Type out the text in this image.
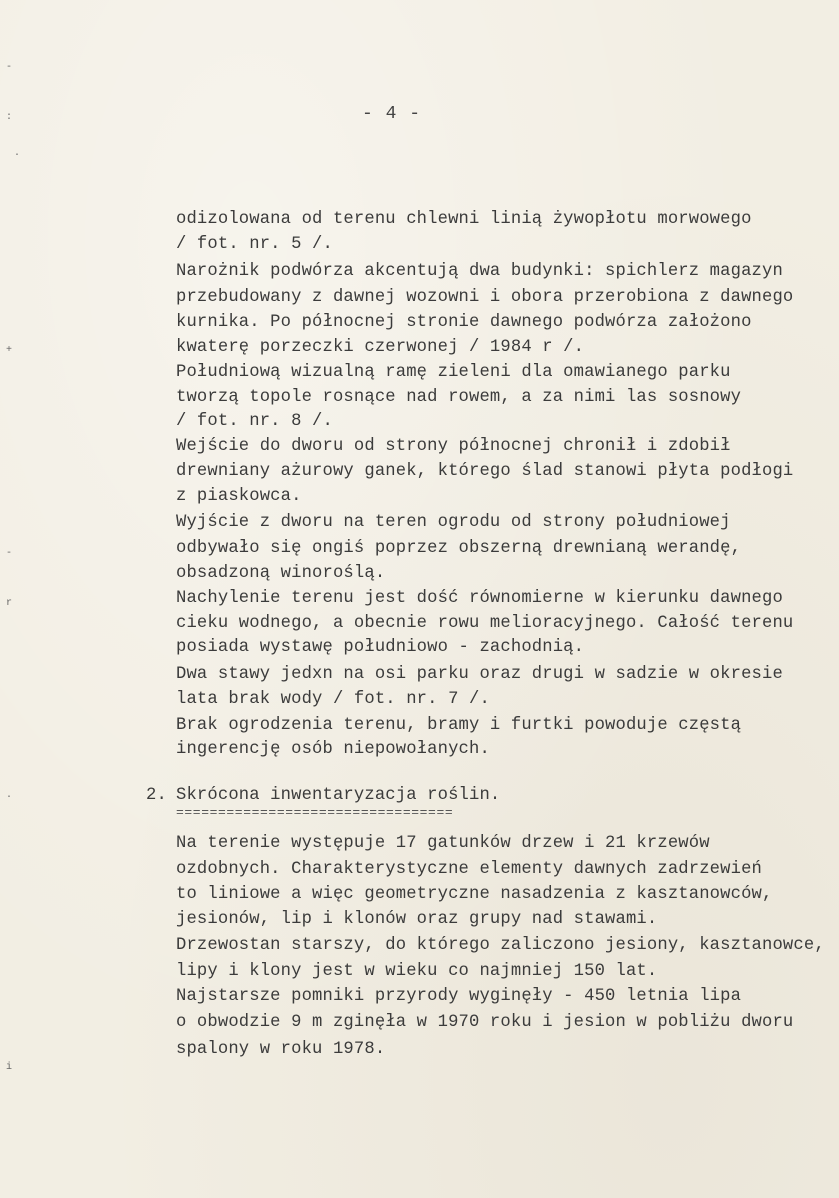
- 4 -
-
:
.
+
-
r
.
i
odizolowana od terenu chlewni linią żywopłotu morwowego
/ fot. nr. 5 /.
Narożnik podwórza akcentują dwa budynki: spichlerz magazyn
przebudowany z dawnej wozowni i obora przerobiona z dawnego
kurnika. Po północnej stronie dawnego podwórza założono
kwaterę porzeczki czerwonej / 1984 r /.
Południową wizualną ramę zieleni dla omawianego parku
tworzą topole rosnące nad rowem, a za nimi las sosnowy
/ fot. nr. 8 /.
Wejście do dworu od strony północnej chronił i zdobił
drewniany ażurowy ganek, którego ślad stanowi płyta podłogi
z piaskowca.
Wyjście z dworu na teren ogrodu od strony południowej
odbywało się ongiś poprzez obszerną drewnianą werandę,
obsadzoną winoroślą.
Nachylenie terenu jest dość równomierne w kierunku dawnego
cieku wodnego, a obecnie rowu melioracyjnego. Całość terenu
posiada wystawę południowo - zachodnią.
Dwa stawy jedxn na osi parku oraz drugi w sadzie w okresie
lata brak wody / fot. nr. 7 /.
Brak ogrodzenia terenu, bramy i furtki powoduje częstą
ingerencję osób niepowołanych.
2. Skrócona inwentaryzacja roślin.
=================================
Na terenie występuje 17 gatunków drzew i 21 krzewów
ozdobnych. Charakterystyczne elementy dawnych zadrzewień
to liniowe a więc geometryczne nasadzenia z kasztanowców,
jesionów, lip i klonów oraz grupy nad stawami.
Drzewostan starszy, do którego zaliczono jesiony, kasztanowce,
lipy i klony jest w wieku co najmniej 150 lat.
Najstarsze pomniki przyrody wyginęły - 450 letnia lipa
o obwodzie 9 m zginęła w 1970 roku i jesion w pobliżu dworu
spalony w roku 1978.
